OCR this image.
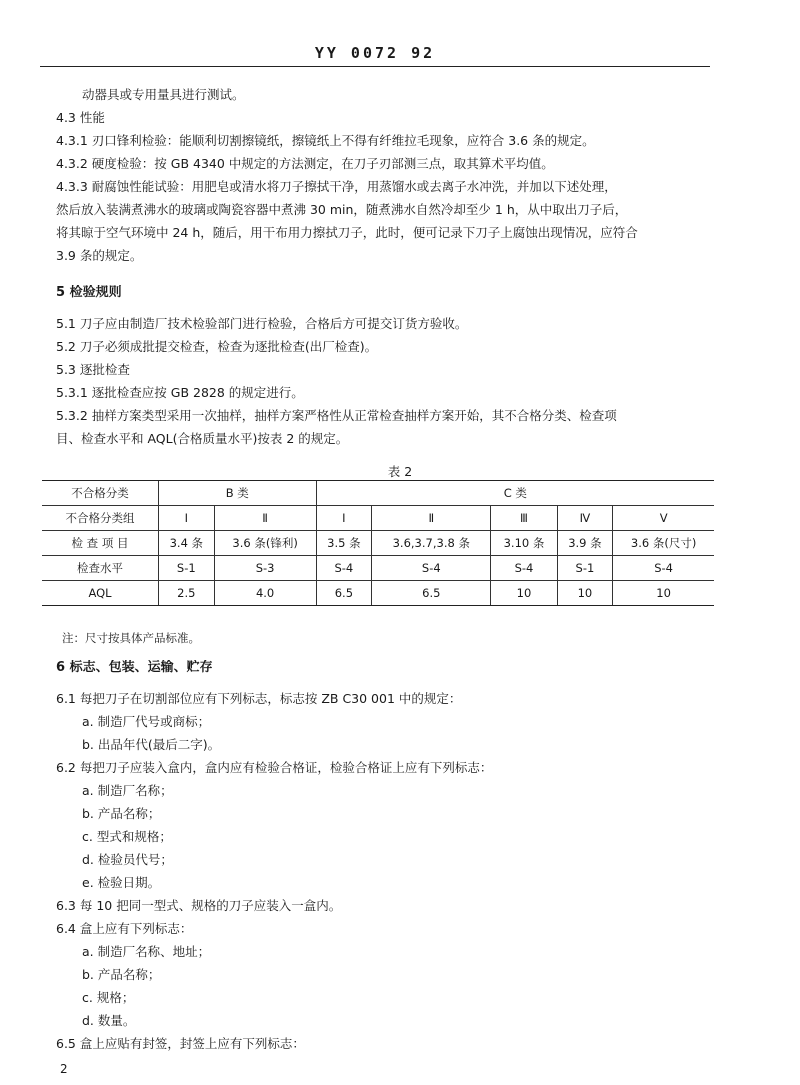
YY 0072 92
动器具或专用量具进行测试。
4.3 性能
4.3.1 刃口锋利检验：能顺利切割擦镜纸，擦镜纸上不得有纤维拉毛现象，应符合 3.6 条的规定。
4.3.2 硬度检验：按 GB 4340 中规定的方法测定，在刀子刃部测三点，取其算术平均值。
4.3.3 耐腐蚀性能试验：用肥皂或清水将刀子擦拭干净，用蒸馏水或去离子水冲洗，并加以下述处理，
然后放入装满煮沸水的玻璃或陶瓷容器中煮沸 30 min，随煮沸水自然冷却至少 1 h，从中取出刀子后，
将其晾于空气环境中 24 h，随后，用干布用力擦拭刀子，此时，便可记录下刀子上腐蚀出现情况，应符合
3.9 条的规定。
5 检验规则
5.1 刀子应由制造厂技术检验部门进行检验，合格后方可提交订货方验收。
5.2 刀子必须成批提交检查，检查为逐批检查(出厂检查)。
5.3 逐批检查
5.3.1 逐批检查应按 GB 2828 的规定进行。
5.3.2 抽样方案类型采用一次抽样，抽样方案严格性从正常检查抽样方案开始，其不合格分类、检查项
目、检查水平和 AQL(合格质量水平)按表 2 的规定。
表 2
不合格分类	B 类		C 类				
不合格分类组	Ⅰ	Ⅱ	Ⅰ	Ⅱ	Ⅲ	Ⅳ	Ⅴ
检 查 项 目	3.4 条	3.6 条(锋利)	3.5 条	3.6,3.7,3.8 条	3.10 条	3.9 条	3.6 条(尺寸)
检查水平	S-1	S-3	S-4	S-4	S-4	S-1	S-4
AQL	2.5	4.0	6.5	6.5	10	10	10
注：尺寸按具体产品标准。
6 标志、包装、运输、贮存
6.1 每把刀子在切割部位应有下列标志，标志按 ZB C30 001 中的规定：
a. 制造厂代号或商标；
b. 出品年代(最后二字)。
6.2 每把刀子应装入盒内，盒内应有检验合格证，检验合格证上应有下列标志：
a. 制造厂名称；
b. 产品名称；
c. 型式和规格；
d. 检验员代号；
e. 检验日期。
6.3 每 10 把同一型式、规格的刀子应装入一盒内。
6.4 盒上应有下列标志：
a. 制造厂名称、地址；
b. 产品名称；
c. 规格；
d. 数量。
6.5 盒上应贴有封签，封签上应有下列标志：
2
